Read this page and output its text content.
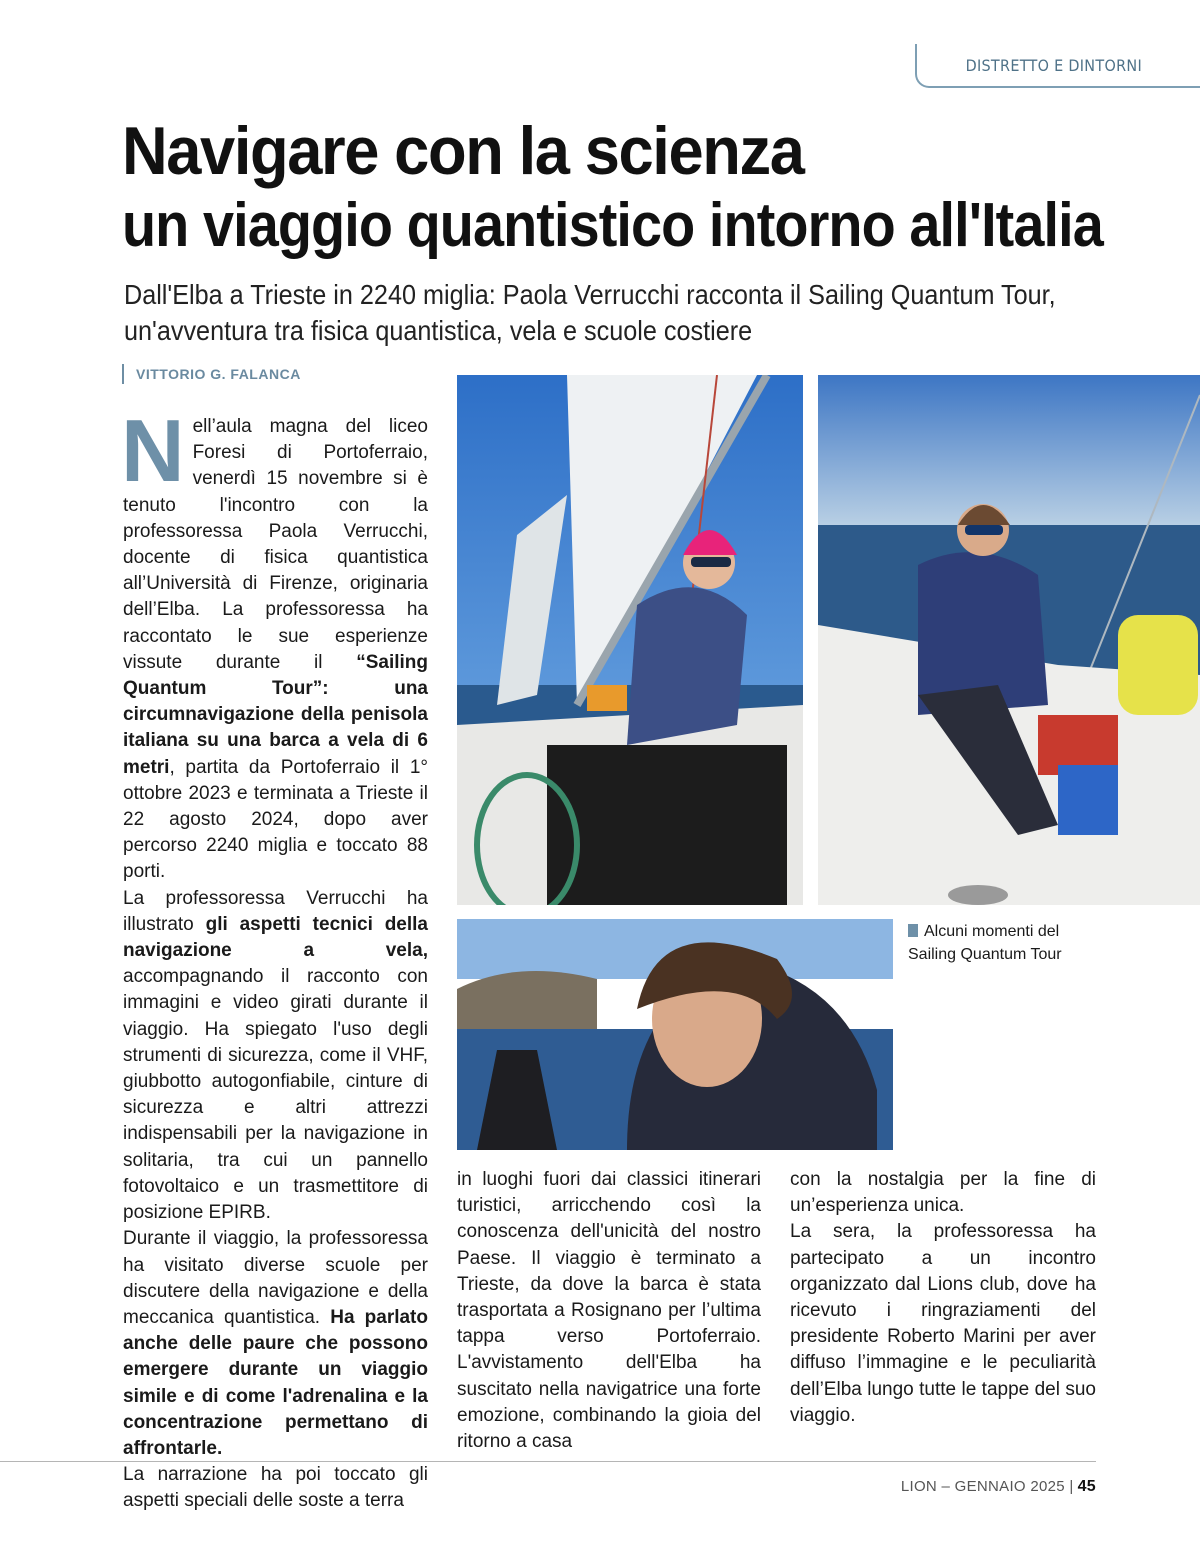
DISTRETTO E DINTORNI
Navigare con la scienza
un viaggio quantistico intorno all'Italia

Dall'Elba a Trieste in 2240 miglia: Paola Verrucchi racconta il Sailing Quantum Tour, un'avventura tra fisica quantistica, vela e scuole costiere

VITTORIO G. FALANCA

Nell’aula magna del liceo Foresi di Portoferraio, venerdì 15 novembre si è tenuto l'incontro con la professoressa Paola Verrucchi, docente di fisica quantistica all’Università di Firenze, originaria dell’Elba. La professoressa ha raccontato le sue esperienze vissute durante il “Sailing Quantum Tour”: una circumnavigazione della penisola italiana su una barca a vela di 6 metri, partita da Portoferraio il 1° ottobre 2023 e terminata a Trieste il 22 agosto 2024, dopo aver percorso 2240 miglia e toccato 88 porti.

La professoressa Verrucchi ha illustrato gli aspetti tecnici della navigazione a vela, accompagnando il racconto con immagini e video girati durante il viaggio. Ha spiegato l'uso degli strumenti di sicurezza, come il VHF, giubbotto autogonfiabile, cinture di sicurezza e altri attrezzi indispensabili per la navigazione in solitaria, tra cui un pannello fotovoltaico e un trasmettitore di posizione EPIRB.

Durante il viaggio, la professoressa ha visitato diverse scuole per discutere della navigazione e della meccanica quantistica. Ha parlato anche delle paure che possono emergere durante un viaggio simile e di come l'adrenalina e la concentrazione permettano di affrontarle.

La narrazione ha poi toccato gli aspetti speciali delle soste a terra

in luoghi fuori dai classici itinerari turistici, arricchendo così la conoscenza dell'unicità del nostro Paese. Il viaggio è terminato a Trieste, da dove la barca è stata trasportata a Rosignano per l’ultima tappa verso Portoferraio. L'avvistamento dell'Elba ha suscitato nella navigatrice una forte emozione, combinando la gioia del ritorno a casa

con la nostalgia per la fine di un’esperienza unica.

La sera, la professoressa ha partecipato a un incontro organizzato dal Lions club, dove ha ricevuto i ringraziamenti del presidente Roberto Marini per aver diffuso l’immagine e le peculiarità dell’Elba lungo tutte le tappe del suo viaggio.

Alcuni momenti del Sailing Quantum Tour
LION – GENNAIO 2025 | 45
